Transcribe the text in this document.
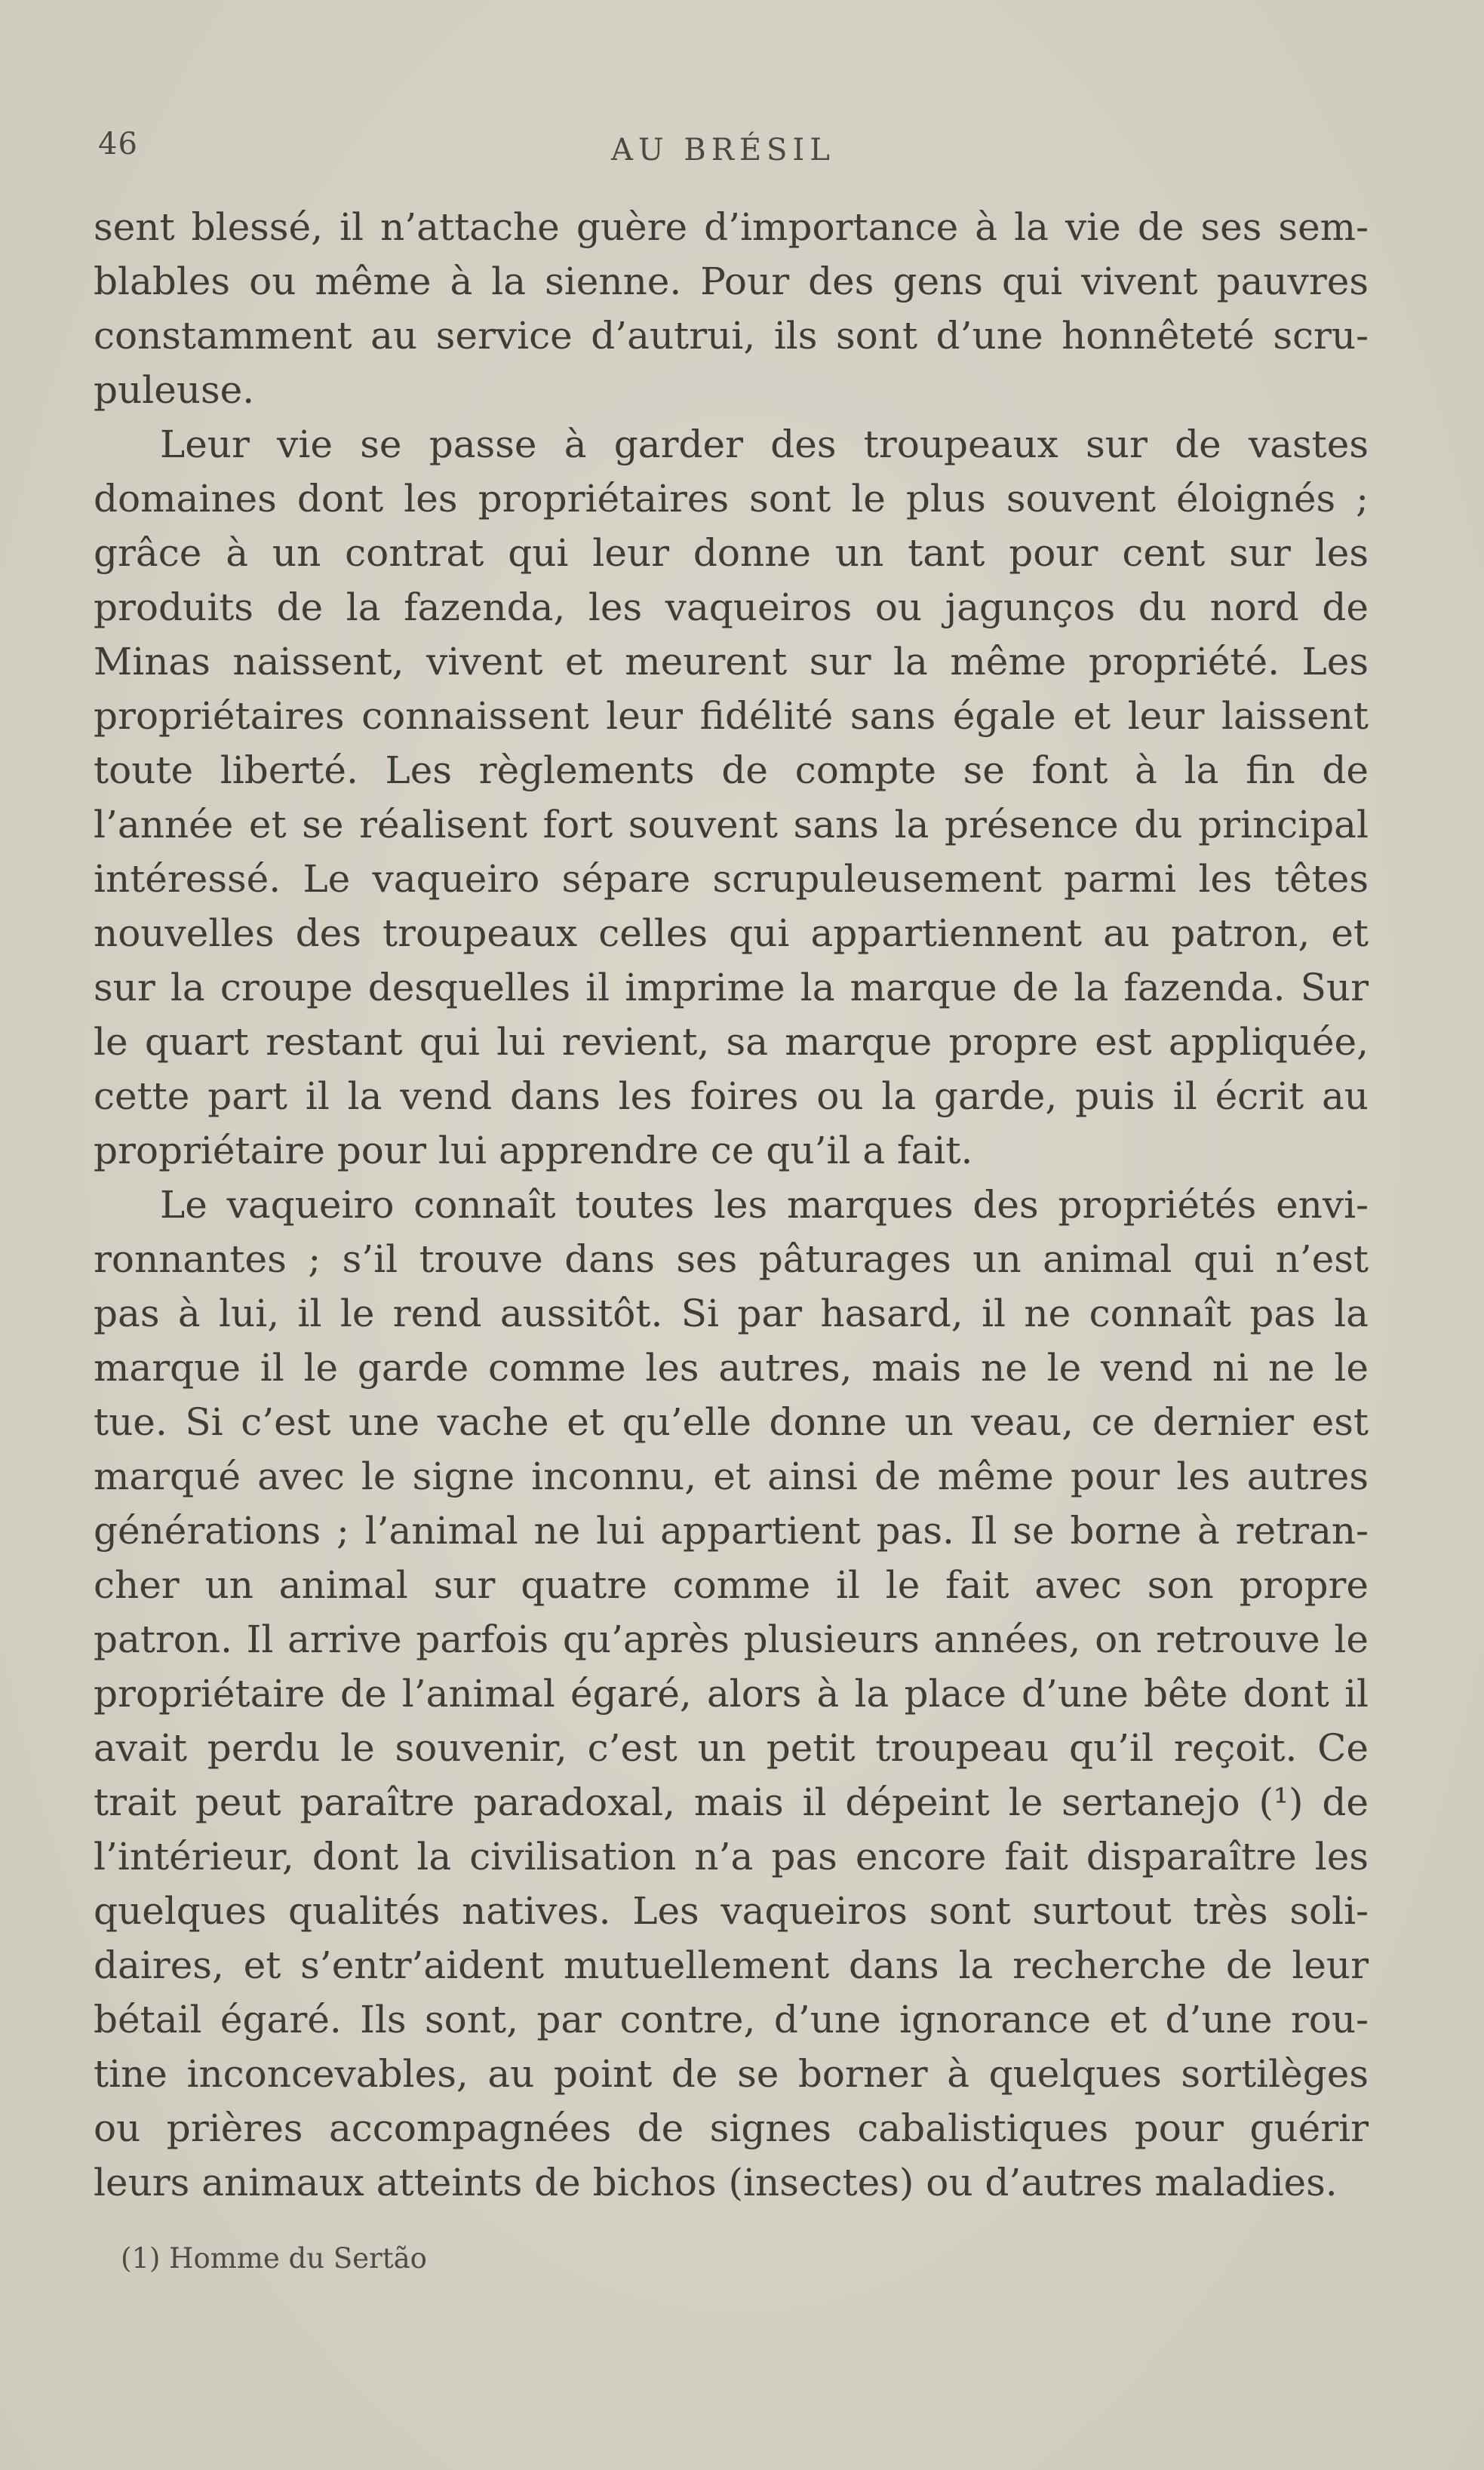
46	AU BRÉSIL
sent blessé, il n’attache guère d’importance à la vie de ses sem-
blables ou même à la sienne. Pour des gens qui vivent pauvres
constamment au service d’autrui, ils sont d’une honnêteté scru-
puleuse.
Leur vie se passe à garder des troupeaux sur de vastes
domaines dont les propriétaires sont le plus souvent éloignés ;
grâce à un contrat qui leur donne un tant pour cent sur les
produits de la fazenda, les vaqueiros ou jagunços du nord de
Minas naissent, vivent et meurent sur la même propriété. Les
propriétaires connaissent leur fidélité sans égale et leur laissent
toute liberté. Les règlements de compte se font à la fin de
l’année et se réalisent fort souvent sans la présence du principal
intéressé. Le vaqueiro sépare scrupuleusement parmi les têtes
nouvelles des troupeaux celles qui appartiennent au patron, et
sur la croupe desquelles il imprime la marque de la fazenda. Sur
le quart restant qui lui revient, sa marque propre est appliquée,
cette part il la vend dans les foires ou la garde, puis il écrit au
propriétaire pour lui apprendre ce qu’il a fait.
Le vaqueiro connaît toutes les marques des propriétés envi-
ronnantes ; s’il trouve dans ses pâturages un animal qui n’est
pas à lui, il le rend aussitôt. Si par hasard, il ne connaît pas la
marque il le garde comme les autres, mais ne le vend ni ne le
tue. Si c’est une vache et qu’elle donne un veau, ce dernier est
marqué avec le signe inconnu, et ainsi de même pour les autres
générations ; l’animal ne lui appartient pas. Il se borne à retran-
cher un animal sur quatre comme il le fait avec son propre
patron. Il arrive parfois qu’après plusieurs années, on retrouve le
propriétaire de l’animal égaré, alors à la place d’une bête dont il
avait perdu le souvenir, c’est un petit troupeau qu’il reçoit. Ce
trait peut paraître paradoxal, mais il dépeint le sertanejo (¹) de
l’intérieur, dont la civilisation n’a pas encore fait disparaître les
quelques qualités natives. Les vaqueiros sont surtout très soli-
daires, et s’entr’aident mutuellement dans la recherche de leur
bétail égaré. Ils sont, par contre, d’une ignorance et d’une rou-
tine inconcevables, au point de se borner à quelques sortilèges
ou prières accompagnées de signes cabalistiques pour guérir
leurs animaux atteints de bichos (insectes) ou d’autres maladies.
(1) Homme du Sertão
